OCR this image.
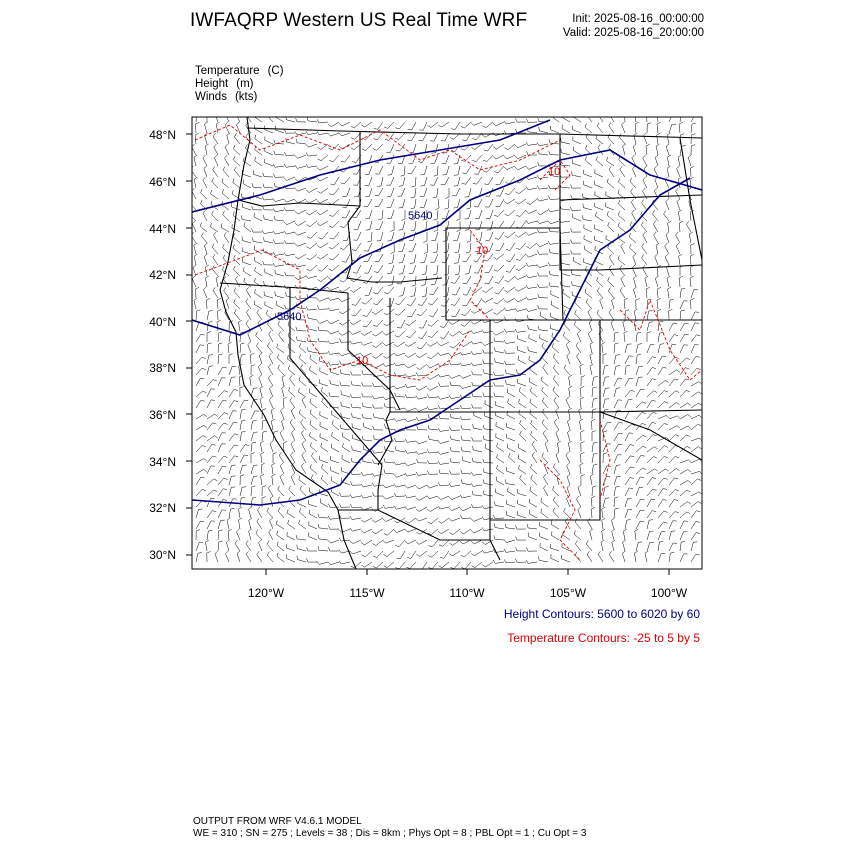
IWFAQRP Western US Real Time WRF	Init: 2025-08-16_00:00:00
Valid: 2025-08-16_20:00:00
Temperature (C)
Height (m)
Winds (kts)
5640
5640
10
10
10
48°N
46°N
44°N
42°N
40°N
38°N
36°N
34°N
32°N
30°N
120°W	115°W	110°W	105°W	100°W
Height Contours: 5600 to 6020 by 60
Temperature Contours: -25 to 5 by 5
OUTPUT FROM WRF V4.6.1 MODEL
WE = 310 ; SN = 275 ; Levels = 38 ; Dis = 8km ; Phys Opt = 8 ; PBL Opt = 1 ; Cu Opt = 3
